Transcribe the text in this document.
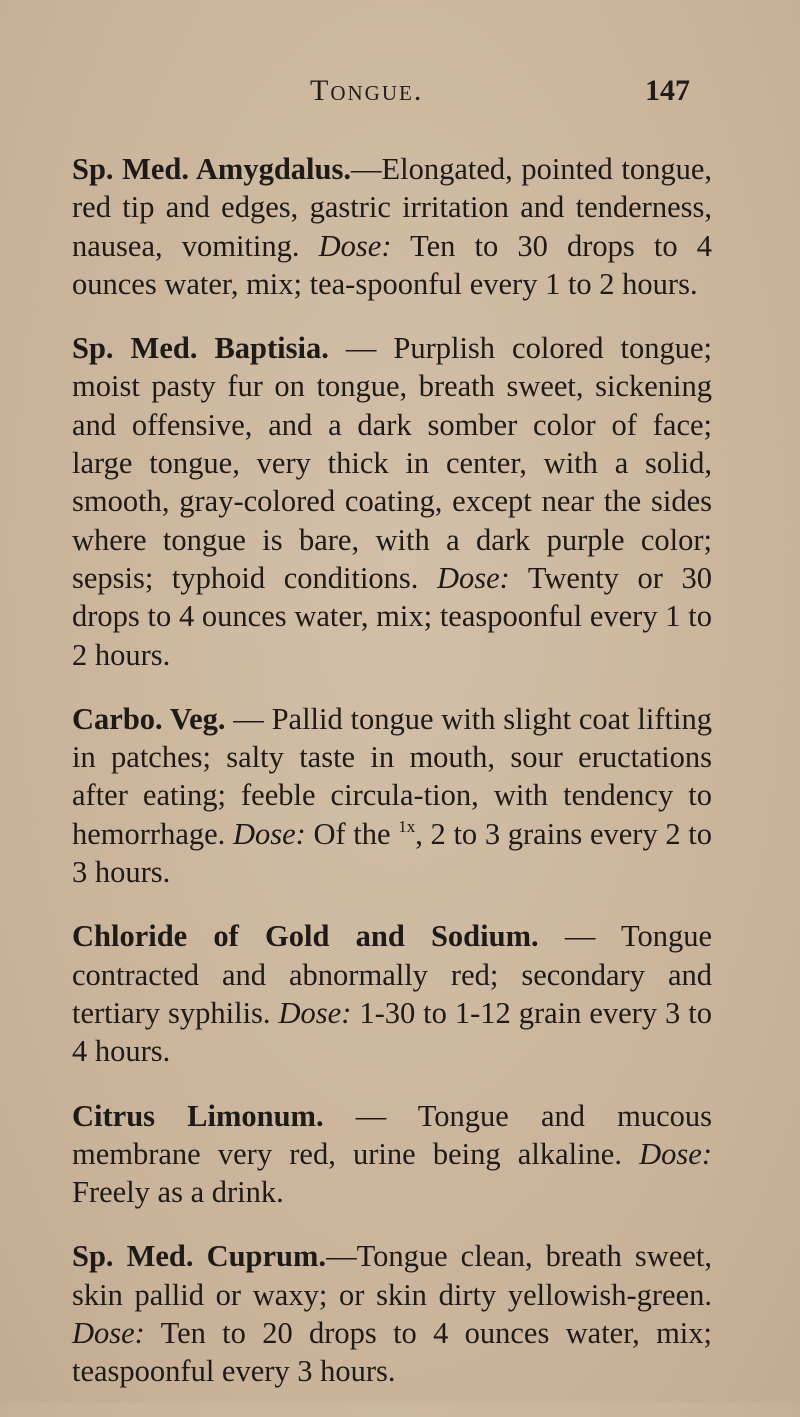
Tongue.	147

Sp. Med. Amygdalus.—Elongated, pointed tongue, red tip and edges, gastric irritation and tenderness, nausea, vomiting. Dose: Ten to 30 drops to 4 ounces water, mix; tea-spoonful every 1 to 2 hours.

Sp. Med. Baptisia. — Purplish colored tongue; moist pasty fur on tongue, breath sweet, sickening and offensive, and a dark somber color of face; large tongue, very thick in center, with a solid, smooth, gray-colored coating, except near the sides where tongue is bare, with a dark purple color; sepsis; typhoid conditions. Dose: Twenty or 30 drops to 4 ounces water, mix; teaspoonful every 1 to 2 hours.

Carbo. Veg. — Pallid tongue with slight coat lifting in patches; salty taste in mouth, sour eructations after eating; feeble circula-tion, with tendency to hemorrhage. Dose: Of the $^{1x}$, 2 to 3 grains every 2 to 3 hours.

Chloride of Gold and Sodium. — Tongue contracted and abnormally red; secondary and tertiary syphilis. Dose: 1-30 to 1-12 grain every 3 to 4 hours.

Citrus Limonum. — Tongue and mucous membrane very red, urine being alkaline. Dose: Freely as a drink.

Sp. Med. Cuprum.—Tongue clean, breath sweet, skin pallid or waxy; or skin dirty yellowish-green. Dose: Ten to 20 drops to 4 ounces water, mix; teaspoonful every 3 hours.
